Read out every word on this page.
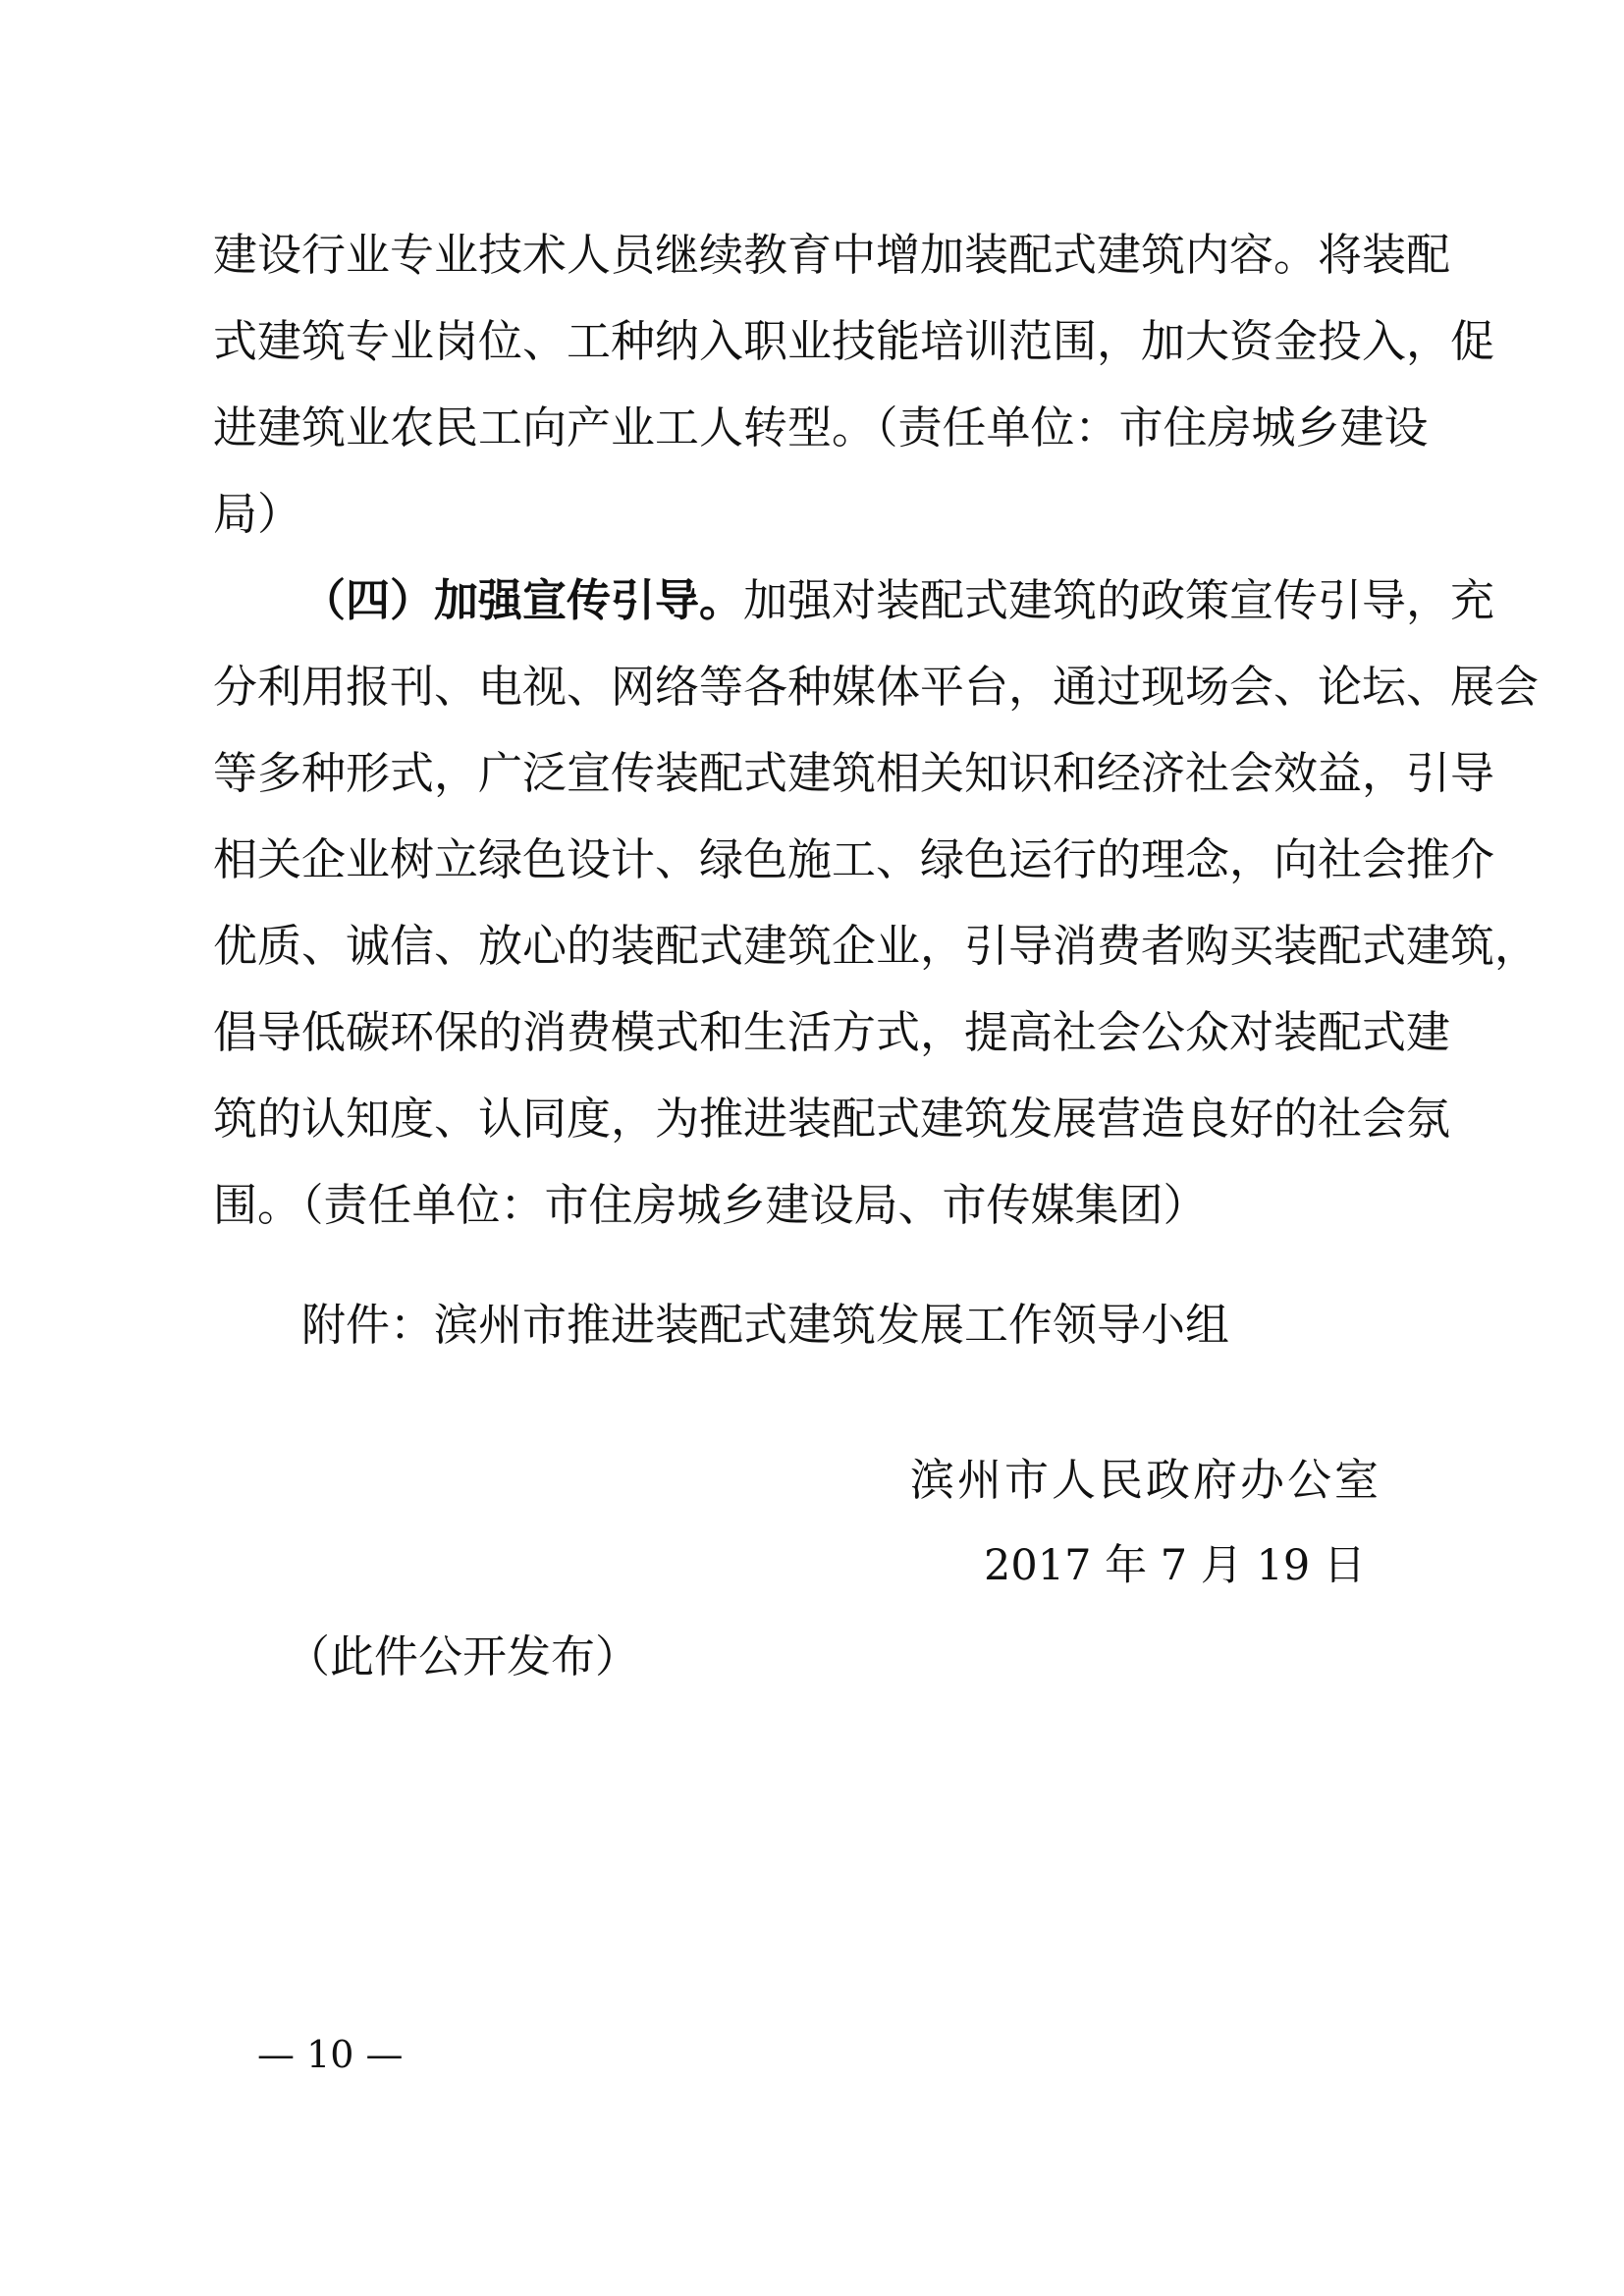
建设行业专业技术人员继续教育中增加装配式建筑内容。将装配
式建筑专业岗位、工种纳入职业技能培训范围，加大资金投入，促
进建筑业农民工向产业工人转型。（责任单位：市住房城乡建设
局）
（四）加强宣传引导。加强对装配式建筑的政策宣传引导，充
分利用报刊、电视、网络等各种媒体平台，通过现场会、论坛、展会
等多种形式，广泛宣传装配式建筑相关知识和经济社会效益，引导
相关企业树立绿色设计、绿色施工、绿色运行的理念，向社会推介
优质、诚信、放心的装配式建筑企业，引导消费者购买装配式建筑，
倡导低碳环保的消费模式和生活方式，提高社会公众对装配式建
筑的认知度、认同度，为推进装配式建筑发展营造良好的社会氛
围。（责任单位：市住房城乡建设局、市传媒集团）
附件：滨州市推进装配式建筑发展工作领导小组
滨州市人民政府办公室
2017 年 7 月 19 日
（此件公开发布）
— 10 —
